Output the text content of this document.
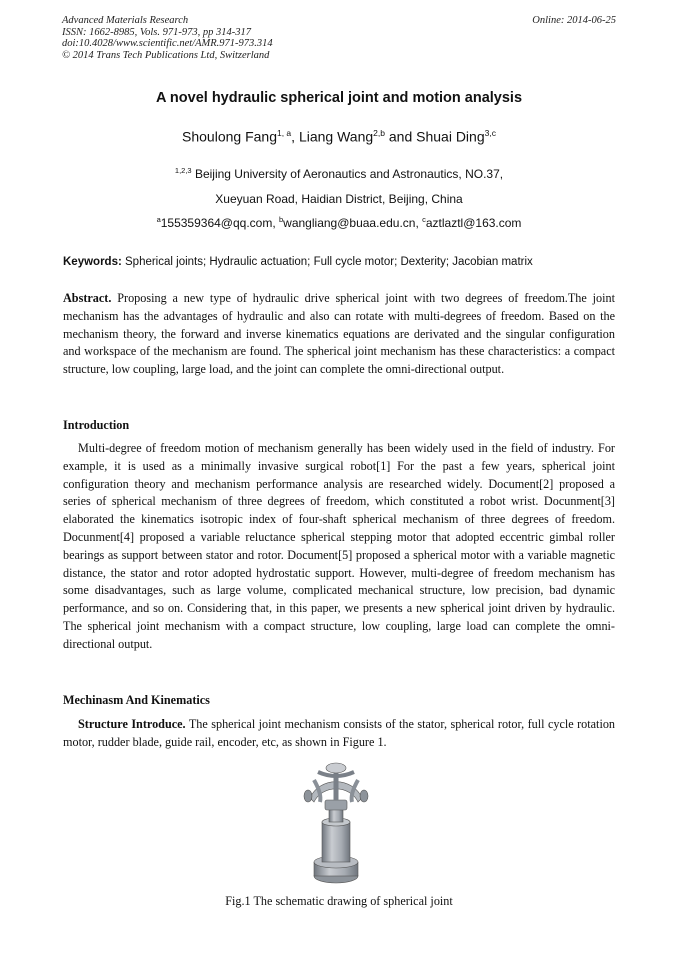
Advanced Materials Research
ISSN: 1662-8985, Vols. 971-973, pp 314-317
doi:10.4028/www.scientific.net/AMR.971-973.314
© 2014 Trans Tech Publications Ltd, Switzerland
Online: 2014-06-25
A novel hydraulic spherical joint and motion analysis
Shoulong Fang$^{1, a}$, Liang Wang$^{2,b}$ and Shuai Ding$^{3,c}$
$^{1,2,3}$ Beijing University of Aeronautics and Astronautics, NO.37,
Xueyuan Road, Haidian District, Beijing, China
$^a$155359364@qq.com, $^b$wangliang@buaa.edu.cn, $^c$aztlaztl@163.com
Keywords: Spherical joints; Hydraulic actuation; Full cycle motor; Dexterity; Jacobian matrix
Abstract. Proposing a new type of hydraulic drive spherical joint with two degrees of freedom.The joint mechanism has the advantages of hydraulic and also can rotate with multi-degrees of freedom. Based on the mechanism theory, the forward and inverse kinematics equations are derivated and the singular configuration and workspace of the mechanism are found. The spherical joint mechanism has these characteristics: a compact structure, low coupling, large load, and the joint can complete the omni-directional output.
Introduction
Multi-degree of freedom motion of mechanism generally has been widely used in the field of industry. For example, it is used as a minimally invasive surgical robot[1] For the past a few years, spherical joint configuration theory and mechanism performance analysis are researched widely. Document[2] proposed a series of spherical mechanism of three degrees of freedom, which constituted a robot wrist. Docunment[3] elaborated the kinematics isotropic index of four-shaft spherical mechanism of three degrees of freedom. Docunment[4] proposed a variable reluctance spherical stepping motor that adopted eccentric gimbal roller bearings as support between stator and rotor. Document[5] proposed a spherical motor with a variable magnetic distance, the stator and rotor adopted hydrostatic support. However, multi-degree of freedom mechanism has some disadvantages, such as large volume, complicated mechanical structure, low precision, bad dynamic performance, and so on. Considering that, in this paper, we presents a new spherical joint driven by hydraulic. The spherical joint mechanism with a compact structure, low coupling, large load can complete the omni-directional output.
Mechinasm And Kinematics
Structure Introduce. The spherical joint mechanism consists of the stator, spherical rotor, full cycle rotation motor, rudder blade, guide rail, encoder, etc, as shown in Figure 1.
Fig.1 The schematic drawing of spherical joint
